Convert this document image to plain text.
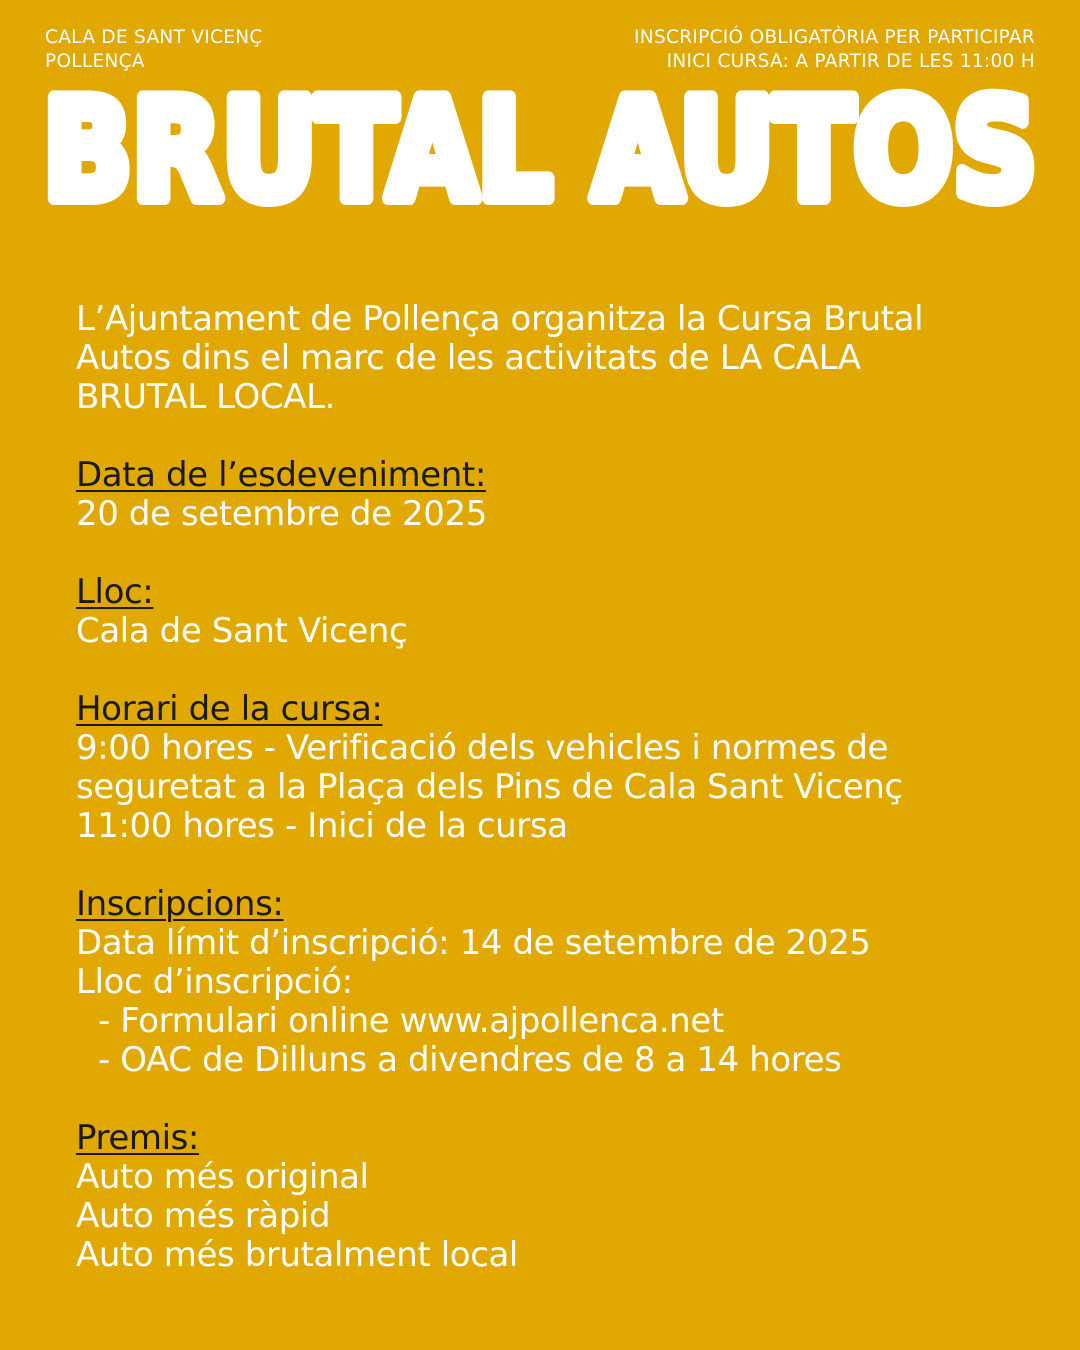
CALA DE SANT VICENÇ
POLLENÇA
INSCRIPCIÓ OBLIGATÒRIA PER PARTICIPAR
INICI CURSA: A PARTIR DE LES 11:00 H
BRUTAL AUTOS
L’Ajuntament de Pollença organitza la Cursa Brutal
Autos dins el marc de les activitats de LA CALA
BRUTAL LOCAL.
Data de l’esdeveniment:
20 de setembre de 2025
Lloc:
Cala de Sant Vicenç
Horari de la cursa:
9:00 hores - Verificació dels vehicles i normes de
seguretat a la Plaça dels Pins de Cala Sant Vicenç
11:00 hores - Inici de la cursa
Inscripcions:
Data límit d’inscripció: 14 de setembre de 2025
Lloc d’inscripció:
- Formulari online www.ajpollenca.net
- OAC de Dilluns a divendres de 8 a 14 hores
Premis:
Auto més original
Auto més ràpid
Auto més brutalment local
